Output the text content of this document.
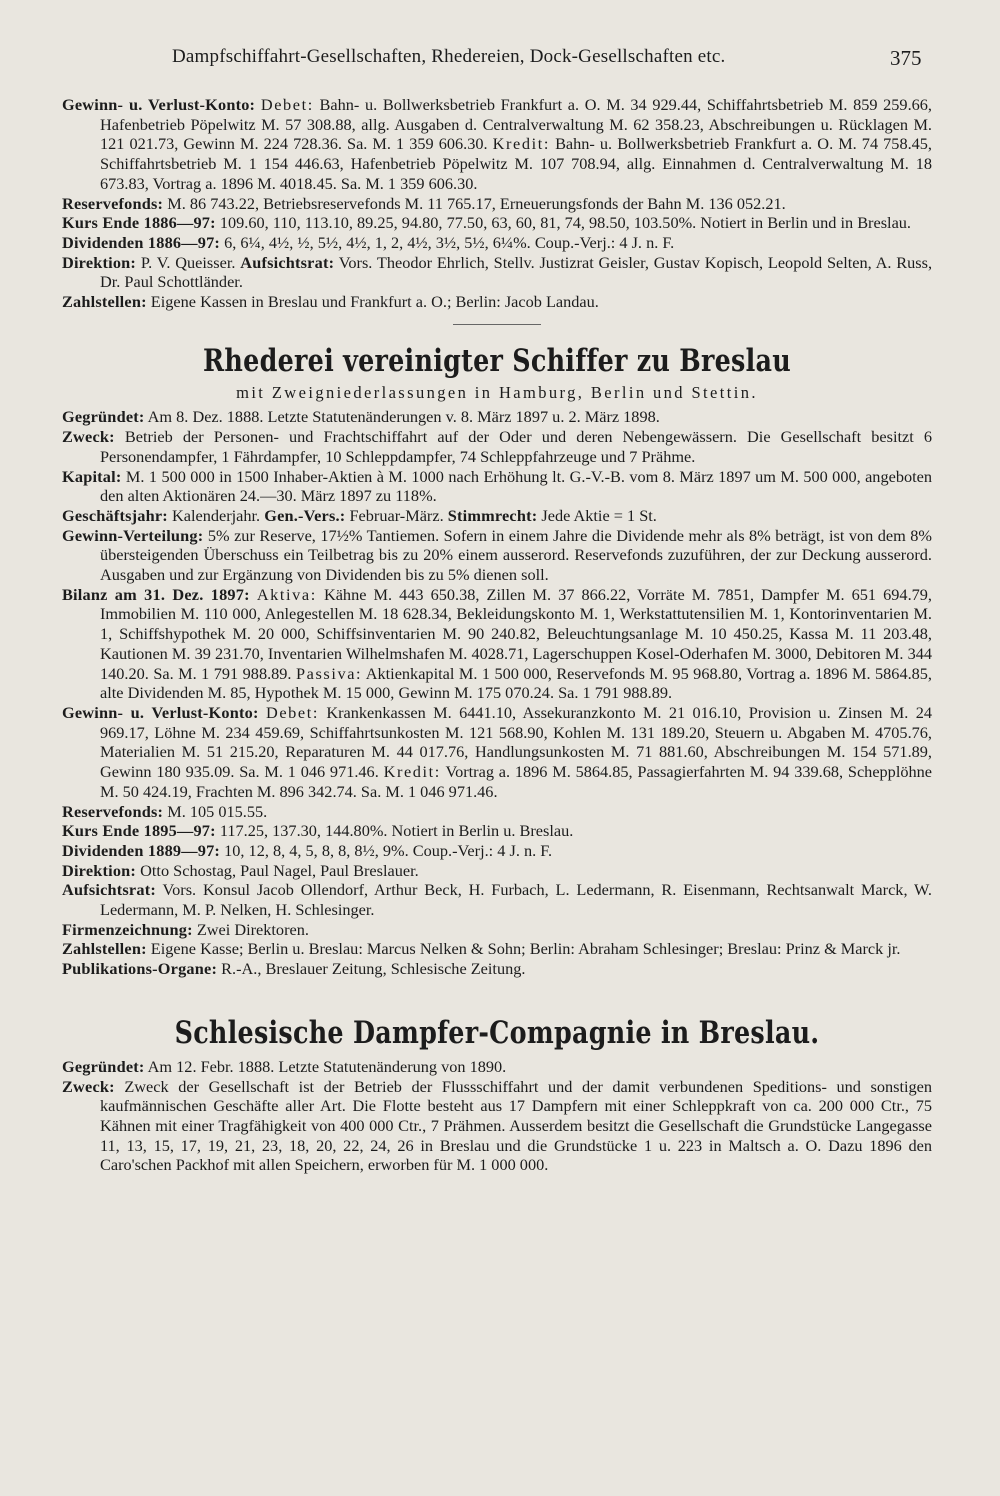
Dampfschiffahrt-Gesellschaften, Rhedereien, Dock-Gesellschaften etc.	375

Gewinn- u. Verlust-Konto: Debet: Bahn- u. Bollwerksbetrieb Frankfurt a. O. M. 34 929.44, Schiffahrtsbetrieb M. 859 259.66, Hafenbetrieb Pöpelwitz M. 57 308.88, allg. Ausgaben d. Centralverwaltung M. 62 358.23, Abschreibungen u. Rücklagen M. 121 021.73, Gewinn M. 224 728.36. Sa. M. 1 359 606.30. Kredit: Bahn- u. Bollwerksbetrieb Frankfurt a. O. M. 74 758.45, Schiffahrtsbetrieb M. 1 154 446.63, Hafenbetrieb Pöpelwitz M. 107 708.94, allg. Einnahmen d. Centralverwaltung M. 18 673.83, Vortrag a. 1896 M. 4018.45. Sa. M. 1 359 606.30.

Reservefonds: M. 86 743.22, Betriebsreservefonds M. 11 765.17, Erneuerungsfonds der Bahn M. 136 052.21.

Kurs Ende 1886—97: 109.60, 110, 113.10, 89.25, 94.80, 77.50, 63, 60, 81, 74, 98.50, 103.50%. Notiert in Berlin und in Breslau.

Dividenden 1886—97: 6, 6¼, 4½, ½, 5½, 4½, 1, 2, 4½, 3½, 5½, 6¼%. Coup.-Verj.: 4 J. n. F.

Direktion: P. V. Queisser. Aufsichtsrat: Vors. Theodor Ehrlich, Stellv. Justizrat Geisler, Gustav Kopisch, Leopold Selten, A. Russ, Dr. Paul Schottländer.

Zahlstellen: Eigene Kassen in Breslau und Frankfurt a. O.; Berlin: Jacob Landau.

Rhederei vereinigter Schiffer zu Breslau
mit Zweigniederlassungen in Hamburg, Berlin und Stettin.

Gegründet: Am 8. Dez. 1888. Letzte Statutenänderungen v. 8. März 1897 u. 2. März 1898.

Zweck: Betrieb der Personen- und Frachtschiffahrt auf der Oder und deren Nebengewässern. Die Gesellschaft besitzt 6 Personendampfer, 1 Fährdampfer, 10 Schleppdampfer, 74 Schleppfahrzeuge und 7 Prähme.

Kapital: M. 1 500 000 in 1500 Inhaber-Aktien à M. 1000 nach Erhöhung lt. G.-V.-B. vom 8. März 1897 um M. 500 000, angeboten den alten Aktionären 24.—30. März 1897 zu 118%.

Geschäftsjahr: Kalenderjahr. Gen.-Vers.: Februar-März. Stimmrecht: Jede Aktie = 1 St.

Gewinn-Verteilung: 5% zur Reserve, 17½% Tantiemen. Sofern in einem Jahre die Dividende mehr als 8% beträgt, ist von dem 8% übersteigenden Überschuss ein Teilbetrag bis zu 20% einem ausserord. Reservefonds zuzuführen, der zur Deckung ausserord. Ausgaben und zur Ergänzung von Dividenden bis zu 5% dienen soll.

Bilanz am 31. Dez. 1897: Aktiva: Kähne M. 443 650.38, Zillen M. 37 866.22, Vorräte M. 7851, Dampfer M. 651 694.79, Immobilien M. 110 000, Anlegestellen M. 18 628.34, Bekleidungskonto M. 1, Werkstattutensilien M. 1, Kontorinventarien M. 1, Schiffshypothek M. 20 000, Schiffsinventarien M. 90 240.82, Beleuchtungsanlage M. 10 450.25, Kassa M. 11 203.48, Kautionen M. 39 231.70, Inventarien Wilhelmshafen M. 4028.71, Lagerschuppen Kosel-Oderhafen M. 3000, Debitoren M. 344 140.20. Sa. M. 1 791 988.89. Passiva: Aktienkapital M. 1 500 000, Reservefonds M. 95 968.80, Vortrag a. 1896 M. 5864.85, alte Dividenden M. 85, Hypothek M. 15 000, Gewinn M. 175 070.24. Sa. 1 791 988.89.

Gewinn- u. Verlust-Konto: Debet: Krankenkassen M. 6441.10, Assekuranzkonto M. 21 016.10, Provision u. Zinsen M. 24 969.17, Löhne M. 234 459.69, Schiffahrtsunkosten M. 121 568.90, Kohlen M. 131 189.20, Steuern u. Abgaben M. 4705.76, Materialien M. 51 215.20, Reparaturen M. 44 017.76, Handlungsunkosten M. 71 881.60, Abschreibungen M. 154 571.89, Gewinn 180 935.09. Sa. M. 1 046 971.46. Kredit: Vortrag a. 1896 M. 5864.85, Passagierfahrten M. 94 339.68, Schepplöhne M. 50 424.19, Frachten M. 896 342.74. Sa. M. 1 046 971.46.

Reservefonds: M. 105 015.55.

Kurs Ende 1895—97: 117.25, 137.30, 144.80%. Notiert in Berlin u. Breslau.

Dividenden 1889—97: 10, 12, 8, 4, 5, 8, 8, 8½, 9%. Coup.-Verj.: 4 J. n. F.

Direktion: Otto Schostag, Paul Nagel, Paul Breslauer.

Aufsichtsrat: Vors. Konsul Jacob Ollendorf, Arthur Beck, H. Furbach, L. Ledermann, R. Eisenmann, Rechtsanwalt Marck, W. Ledermann, M. P. Nelken, H. Schlesinger.

Firmenzeichnung: Zwei Direktoren.

Zahlstellen: Eigene Kasse; Berlin u. Breslau: Marcus Nelken & Sohn; Berlin: Abraham Schlesinger; Breslau: Prinz & Marck jr.

Publikations-Organe: R.-A., Breslauer Zeitung, Schlesische Zeitung.

Schlesische Dampfer-Compagnie in Breslau.

Gegründet: Am 12. Febr. 1888. Letzte Statutenänderung von 1890.

Zweck: Zweck der Gesellschaft ist der Betrieb der Flussschiffahrt und der damit verbundenen Speditions- und sonstigen kaufmännischen Geschäfte aller Art. Die Flotte besteht aus 17 Dampfern mit einer Schleppkraft von ca. 200 000 Ctr., 75 Kähnen mit einer Tragfähigkeit von 400 000 Ctr., 7 Prähmen. Ausserdem besitzt die Gesellschaft die Grundstücke Langegasse 11, 13, 15, 17, 19, 21, 23, 18, 20, 22, 24, 26 in Breslau und die Grundstücke 1 u. 223 in Maltsch a. O. Dazu 1896 den Caro'schen Packhof mit allen Speichern, erworben für M. 1 000 000.
